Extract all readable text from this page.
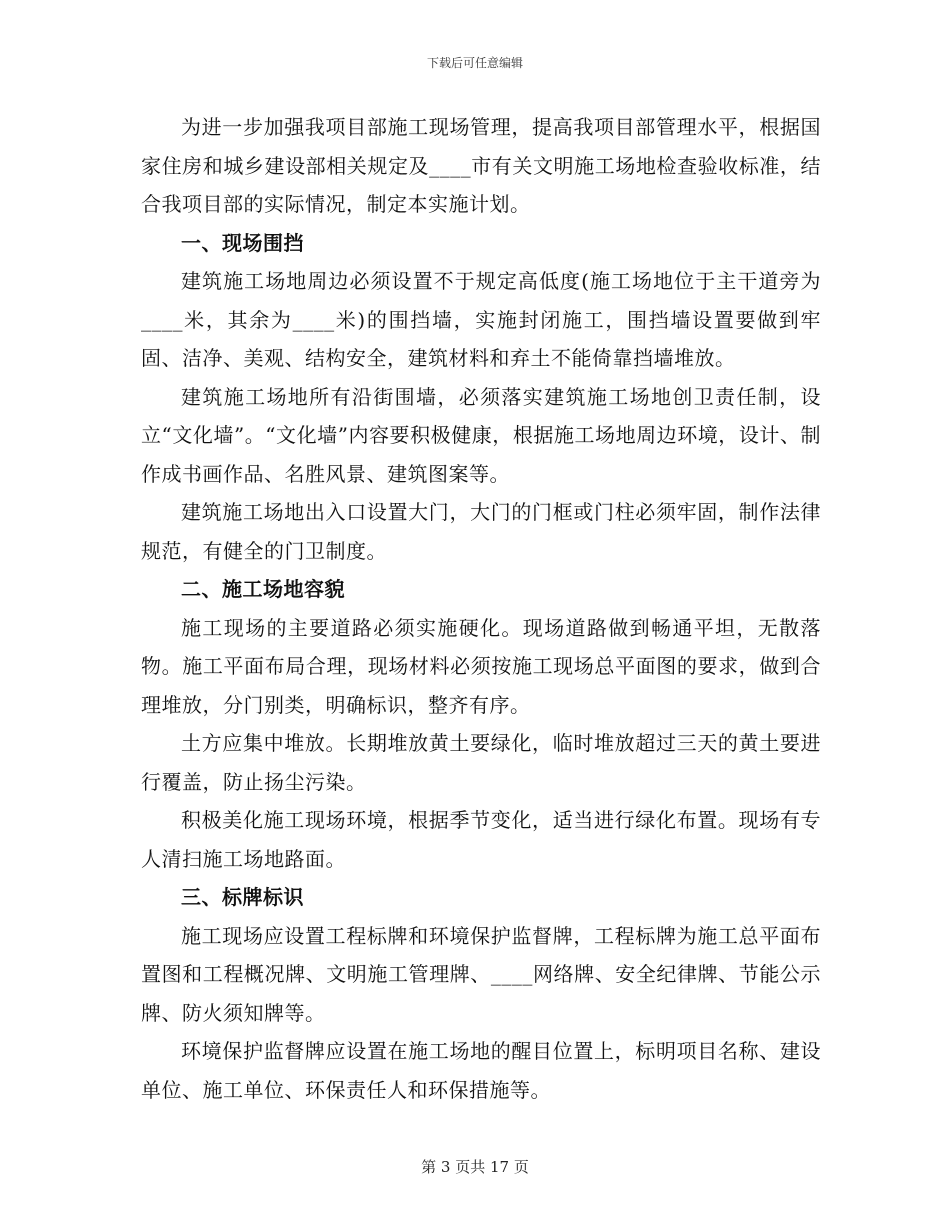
下载后可任意编辑

为进一步加强我项目部施工现场管理，提高我项目部管理水平，根据国家住房和城乡建设部相关规定及____市有关文明施工场地检查验收标准，结合我项目部的实际情况，制定本实施计划。

一、现场围挡

建筑施工场地周边必须设置不于规定高低度(施工场地位于主干道旁为____米，其余为____米)的围挡墙，实施封闭施工，围挡墙设置要做到牢固、洁净、美观、结构安全，建筑材料和弃土不能倚靠挡墙堆放。

建筑施工场地所有沿街围墙，必须落实建筑施工场地创卫责任制，设立“文化墙”。“文化墙”内容要积极健康，根据施工场地周边环境，设计、制作成书画作品、名胜风景、建筑图案等。

建筑施工场地出入口设置大门，大门的门框或门柱必须牢固，制作法律规范，有健全的门卫制度。

二、施工场地容貌

施工现场的主要道路必须实施硬化。现场道路做到畅通平坦，无散落物。施工平面布局合理，现场材料必须按施工现场总平面图的要求，做到合理堆放，分门别类，明确标识，整齐有序。

土方应集中堆放。长期堆放黄土要绿化，临时堆放超过三天的黄土要进行覆盖，防止扬尘污染。

积极美化施工现场环境，根据季节变化，适当进行绿化布置。现场有专人清扫施工场地路面。

三、标牌标识

施工现场应设置工程标牌和环境保护监督牌，工程标牌为施工总平面布置图和工程概况牌、文明施工管理牌、____网络牌、安全纪律牌、节能公示牌、防火须知牌等。

环境保护监督牌应设置在施工场地的醒目位置上，标明项目名称、建设单位、施工单位、环保责任人和环保措施等。

第 3 页共 17 页
